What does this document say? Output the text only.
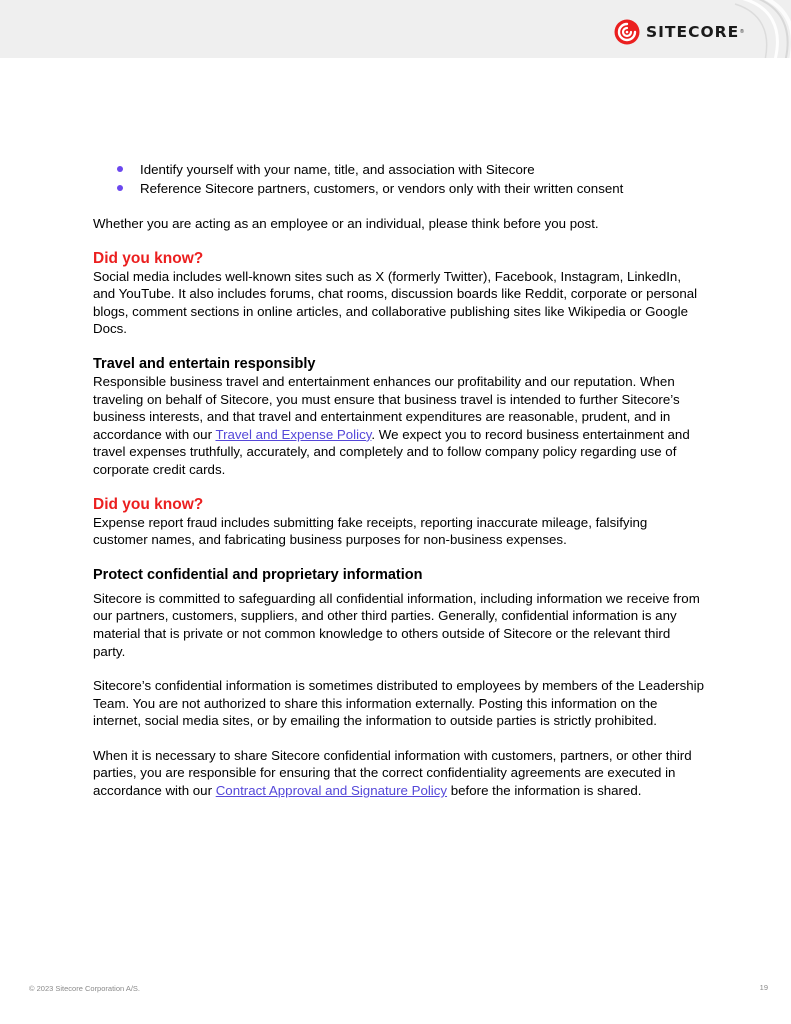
SITECORE ®
Identify yourself with your name, title, and association with Sitecore
Reference Sitecore partners, customers, or vendors only with their written consent

Whether you are acting as an employee or an individual, please think before you post.

Did you know?

Social media includes well-known sites such as X (formerly Twitter), Facebook, Instagram, LinkedIn, and YouTube. It also includes forums, chat rooms, discussion boards like Reddit, corporate or personal blogs, comment sections in online articles, and collaborative publishing sites like Wikipedia or Google Docs.

Travel and entertain responsibly

Responsible business travel and entertainment enhances our profitability and our reputation. When traveling on behalf of Sitecore, you must ensure that business travel is intended to further Sitecore’s business interests, and that travel and entertainment expenditures are reasonable, prudent, and in accordance with our Travel and Expense Policy. We expect you to record business entertainment and travel expenses truthfully, accurately, and completely and to follow company policy regarding use of corporate credit cards.

Did you know?

Expense report fraud includes submitting fake receipts, reporting inaccurate mileage, falsifying customer names, and fabricating business purposes for non-business expenses.

Protect confidential and proprietary information

Sitecore is committed to safeguarding all confidential information, including information we receive from our partners, customers, suppliers, and other third parties. Generally, confidential information is any material that is private or not common knowledge to others outside of Sitecore or the relevant third party.

Sitecore’s confidential information is sometimes distributed to employees by members of the Leadership Team. You are not authorized to share this information externally. Posting this information on the internet, social media sites, or by emailing the information to outside parties is strictly prohibited.

When it is necessary to share Sitecore confidential information with customers, partners, or other third parties, you are responsible for ensuring that the correct confidentiality agreements are executed in accordance with our Contract Approval and Signature Policy before the information is shared.

© 2023 Sitecore Corporation A/S.	19
